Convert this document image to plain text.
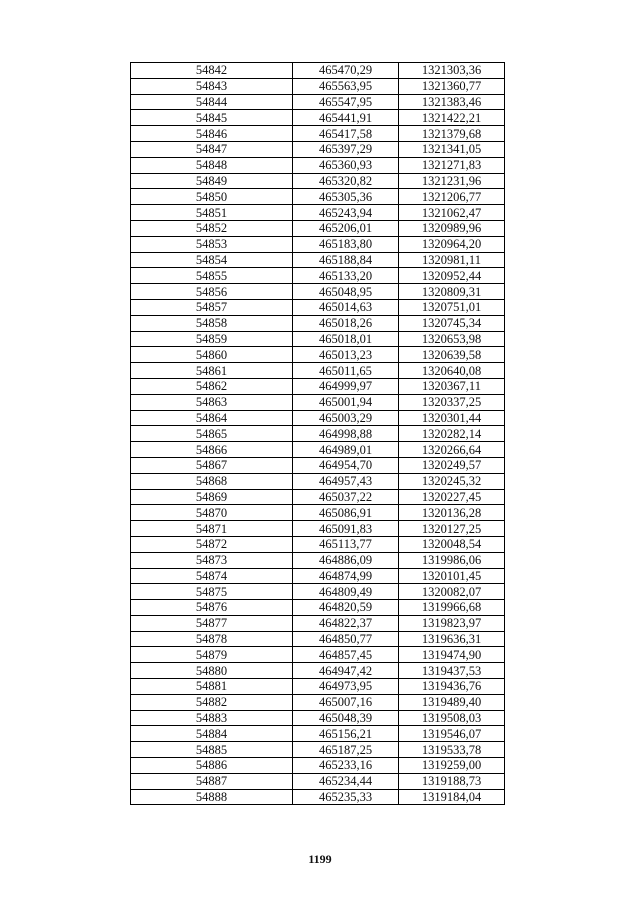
54842	465470,29	1321303,36
54843	465563,95	1321360,77
54844	465547,95	1321383,46
54845	465441,91	1321422,21
54846	465417,58	1321379,68
54847	465397,29	1321341,05
54848	465360,93	1321271,83
54849	465320,82	1321231,96
54850	465305,36	1321206,77
54851	465243,94	1321062,47
54852	465206,01	1320989,96
54853	465183,80	1320964,20
54854	465188,84	1320981,11
54855	465133,20	1320952,44
54856	465048,95	1320809,31
54857	465014,63	1320751,01
54858	465018,26	1320745,34
54859	465018,01	1320653,98
54860	465013,23	1320639,58
54861	465011,65	1320640,08
54862	464999,97	1320367,11
54863	465001,94	1320337,25
54864	465003,29	1320301,44
54865	464998,88	1320282,14
54866	464989,01	1320266,64
54867	464954,70	1320249,57
54868	464957,43	1320245,32
54869	465037,22	1320227,45
54870	465086,91	1320136,28
54871	465091,83	1320127,25
54872	465113,77	1320048,54
54873	464886,09	1319986,06
54874	464874,99	1320101,45
54875	464809,49	1320082,07
54876	464820,59	1319966,68
54877	464822,37	1319823,97
54878	464850,77	1319636,31
54879	464857,45	1319474,90
54880	464947,42	1319437,53
54881	464973,95	1319436,76
54882	465007,16	1319489,40
54883	465048,39	1319508,03
54884	465156,21	1319546,07
54885	465187,25	1319533,78
54886	465233,16	1319259,00
54887	465234,44	1319188,73
54888	465235,33	1319184,04
1199
